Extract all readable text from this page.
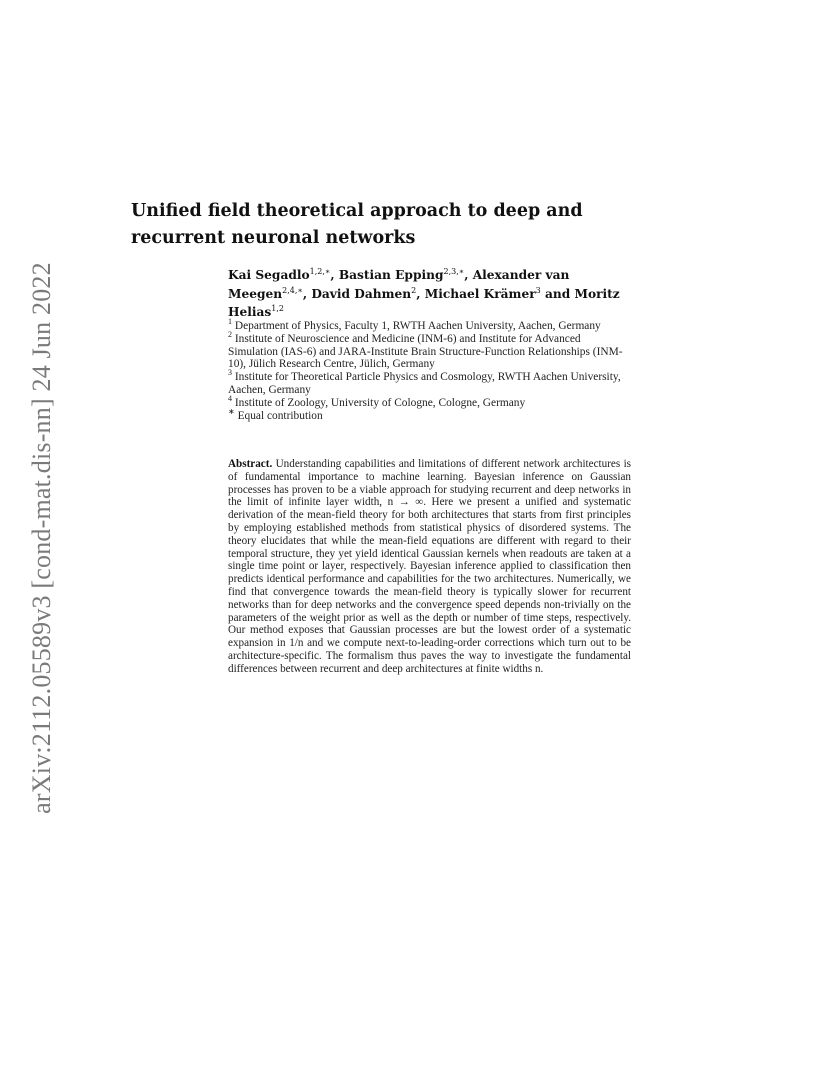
arXiv:2112.05589v3 [cond-mat.dis-nn] 24 Jun 2022
Unified field theoretical approach to deep and recurrent neuronal networks

Kai Segadlo$^{1,2,∗}$, Bastian Epping$^{2,3,∗}$, Alexander van Meegen$^{2,4,∗}$, David Dahmen$^2$, Michael Krämer$^3$ and Moritz Helias$^{1,2}$

$^1$ Department of Physics, Faculty 1, RWTH Aachen University, Aachen, Germany

$^2$ Institute of Neuroscience and Medicine (INM-6) and Institute for Advanced Simulation (IAS-6) and JARA-Institute Brain Structure-Function Relationships (INM-10), Jülich Research Centre, Jülich, Germany

$^3$ Institute for Theoretical Particle Physics and Cosmology, RWTH Aachen University, Aachen, Germany

$^4$ Institute of Zoology, University of Cologne, Cologne, Germany

∗ Equal contribution

Abstract. Understanding capabilities and limitations of different network architectures is of fundamental importance to machine learning. Bayesian inference on Gaussian processes has proven to be a viable approach for studying recurrent and deep networks in the limit of infinite layer width, n → ∞. Here we present a unified and systematic derivation of the mean-field theory for both architectures that starts from first principles by employing established methods from statistical physics of disordered systems. The theory elucidates that while the mean-field equations are different with regard to their temporal structure, they yet yield identical Gaussian kernels when readouts are taken at a single time point or layer, respectively. Bayesian inference applied to classification then predicts identical performance and capabilities for the two architectures. Numerically, we find that convergence towards the mean-field theory is typically slower for recurrent networks than for deep networks and the convergence speed depends non-trivially on the parameters of the weight prior as well as the depth or number of time steps, respectively. Our method exposes that Gaussian processes are but the lowest order of a systematic expansion in 1/n and we compute next-to-leading-order corrections which turn out to be architecture-specific. The formalism thus paves the way to investigate the fundamental differences between recurrent and deep architectures at finite widths n.
